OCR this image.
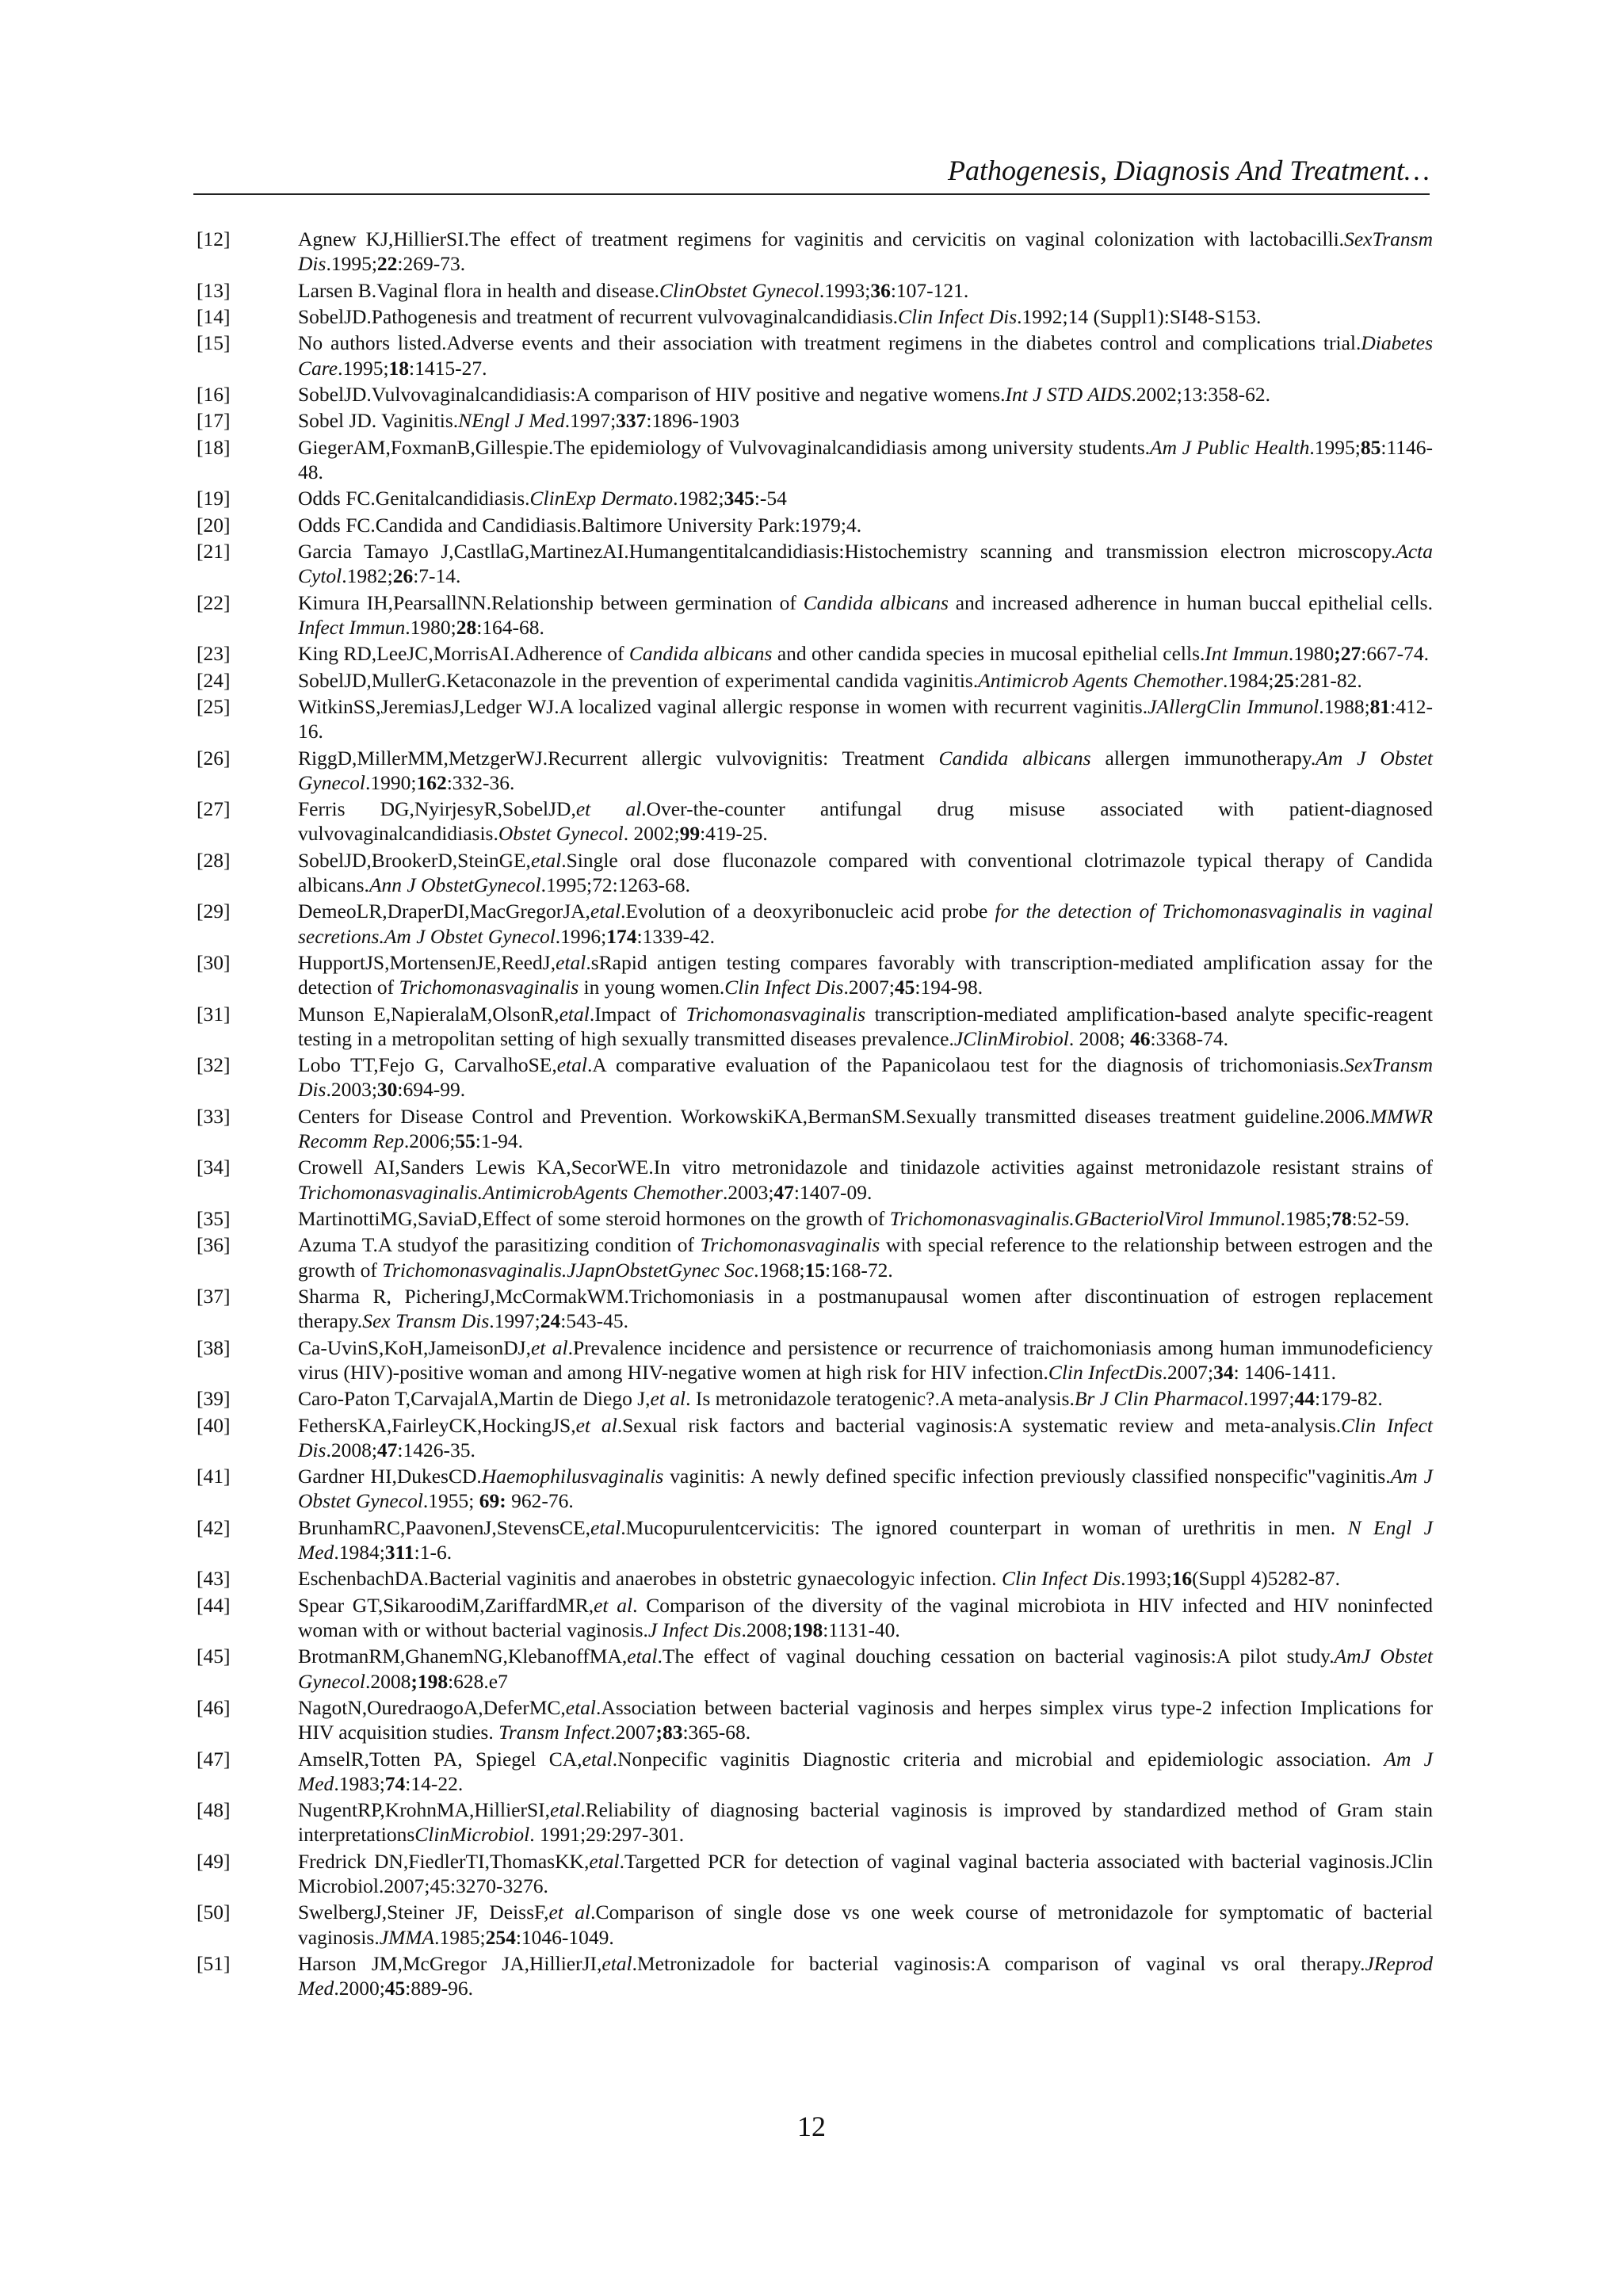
Pathogenesis, Diagnosis And Treatment…
[12]	Agnew KJ,HillierSI.The effect of treatment regimens for vaginitis and cervicitis on vaginal colonization with lactobacilli.SexTransm Dis.1995;22:269-73.
[13]	Larsen B.Vaginal flora in health and disease.ClinObstet Gynecol.1993;36:107-121.
[14]	SobelJD.Pathogenesis and treatment of recurrent vulvovaginalcandidiasis.Clin Infect Dis.1992;14 (Suppl1):SI48-S153.
[15]	No authors listed.Adverse events and their association with treatment regimens in the diabetes control and complications trial.Diabetes Care.1995;18:1415-27.
[16]	SobelJD.Vulvovaginalcandidiasis:A comparison of HIV positive and negative womens.Int J STD AIDS.2002;13:358-62.
[17]	Sobel JD. Vaginitis.NEngl J Med.1997;337:1896-1903
[18]	GiegerAM,FoxmanB,Gillespie.The epidemiology of Vulvovaginalcandidiasis among university students.Am J Public Health.1995;85:1146-48.
[19]	Odds FC.Genitalcandidiasis.ClinExp Dermato.1982;345:-54
[20]	Odds FC.Candida and Candidiasis.Baltimore University Park:1979;4.
[21]	Garcia Tamayo J,CastllaG,MartinezAI.Humangentitalcandidiasis:Histochemistry scanning and transmission electron microscopy.Acta Cytol.1982;26:7-14.
[22]	Kimura IH,PearsallNN.Relationship between germination of Candida albicans and increased adherence in human buccal epithelial cells. Infect Immun.1980;28:164-68.
[23]	King RD,LeeJC,MorrisAI.Adherence of Candida albicans and other candida species in mucosal epithelial cells.Int Immun.1980;27:667-74.
[24]	SobelJD,MullerG.Ketaconazole in the prevention of experimental candida vaginitis.Antimicrob Agents Chemother.1984;25:281-82.
[25]	WitkinSS,JeremiasJ,Ledger WJ.A localized vaginal allergic response in women with recurrent vaginitis.JAllergClin Immunol.1988;81:412-16.
[26]	RiggD,MillerMM,MetzgerWJ.Recurrent allergic vulvovignitis: Treatment Candida albicans allergen immunotherapy.Am J Obstet Gynecol.1990;162:332-36.
[27]	Ferris DG,NyirjesyR,SobelJD,et al.Over-the-counter antifungal drug misuse associated with patient-diagnosed vulvovaginalcandidiasis.Obstet Gynecol. 2002;99:419-25.
[28]	SobelJD,BrookerD,SteinGE,etal.Single oral dose fluconazole compared with conventional clotrimazole typical therapy of Candida albicans.Ann J ObstetGynecol.1995;72:1263-68.
[29]	DemeoLR,DraperDI,MacGregorJA,etal.Evolution of a deoxyribonucleic acid probe for the detection of Trichomonasvaginalis in vaginal secretions.Am J Obstet Gynecol.1996;174:1339-42.
[30]	HupportJS,MortensenJE,ReedJ,etal.sRapid antigen testing compares favorably with transcription-mediated amplification assay for the detection of Trichomonasvaginalis in young women.Clin Infect Dis.2007;45:194-98.
[31]	Munson E,NapieralaM,OlsonR,etal.Impact of Trichomonasvaginalis transcription-mediated amplification-based analyte specific-reagent testing in a metropolitan setting of high sexually transmitted diseases prevalence.JClinMirobiol. 2008; 46:3368-74.
[32]	Lobo TT,Fejo G, CarvalhoSE,etal.A comparative evaluation of the Papanicolaou test for the diagnosis of trichomoniasis.SexTransm Dis.2003;30:694-99.
[33]	Centers for Disease Control and Prevention. WorkowskiKA,BermanSM.Sexually transmitted diseases treatment guideline.2006.MMWR Recomm Rep.2006;55:1-94.
[34]	Crowell AI,Sanders Lewis KA,SecorWE.In vitro metronidazole and tinidazole activities against metronidazole resistant strains of Trichomonasvaginalis.AntimicrobAgents Chemother.2003;47:1407-09.
[35]	MartinottiMG,SaviaD,Effect of some steroid hormones on the growth of Trichomonasvaginalis.GBacteriolVirol Immunol.1985;78:52-59.
[36]	Azuma T.A studyof the parasitizing condition of Trichomonasvaginalis with special reference to the relationship between estrogen and the growth of Trichomonasvaginalis.JJapnObstetGynec Soc.1968;15:168-72.
[37]	Sharma R, PicheringJ,McCormakWM.Trichomoniasis in a postmanupausal women after discontinuation of estrogen replacement therapy.Sex Transm Dis.1997;24:543-45.
[38]	Ca-UvinS,KoH,JameisonDJ,et al.Prevalence incidence and persistence or recurrence of traichomoniasis among human immunodeficiency virus (HIV)-positive woman and among HIV-negative women at high risk for HIV infection.Clin InfectDis.2007;34: 1406-1411.
[39]	Caro-Paton T,CarvajalA,Martin de Diego J,et al. Is metronidazole teratogenic?.A meta-analysis.Br J Clin Pharmacol.1997;44:179-82.
[40]	FethersKA,FairleyCK,HockingJS,et al.Sexual risk factors and bacterial vaginosis:A systematic review and meta-analysis.Clin Infect Dis.2008;47:1426-35.
[41]	Gardner HI,DukesCD.Haemophilusvaginalis vaginitis: A newly defined specific infection previously classified nonspecific"vaginitis.Am J Obstet Gynecol.1955; 69: 962-76.
[42]	BrunhamRC,PaavonenJ,StevensCE,etal.Mucopurulentcervicitis: The ignored counterpart in woman of urethritis in men. N Engl J Med.1984;311:1-6.
[43]	EschenbachDA.Bacterial vaginitis and anaerobes in obstetric gynaecologyic infection. Clin Infect Dis.1993;16(Suppl 4)5282-87.
[44]	Spear GT,SikaroodiM,ZariffardMR,et al. Comparison of the diversity of the vaginal microbiota in HIV infected and HIV noninfected woman with or without bacterial vaginosis.J Infect Dis.2008;198:1131-40.
[45]	BrotmanRM,GhanemNG,KlebanoffMA,etal.The effect of vaginal douching cessation on bacterial vaginosis:A pilot study.AmJ Obstet Gynecol.2008;198:628.e7
[46]	NagotN,OuredraogoA,DeferMC,etal.Association between bacterial vaginosis and herpes simplex virus type-2 infection Implications for HIV acquisition studies. Transm Infect.2007;83:365-68.
[47]	AmselR,Totten PA, Spiegel CA,etal.Nonpecific vaginitis Diagnostic criteria and microbial and epidemiologic association. Am J Med.1983;74:14-22.
[48]	NugentRP,KrohnMA,HillierSI,etal.Reliability of diagnosing bacterial vaginosis is improved by standardized method of Gram stain interpretationsClinMicrobiol. 1991;29:297-301.
[49]	Fredrick DN,FiedlerTI,ThomasKK,etal.Targetted PCR for detection of vaginal vaginal bacteria associated with bacterial vaginosis.JClin Microbiol.2007;45:3270-3276.
[50]	SwelbergJ,Steiner JF, DeissF,et al.Comparison of single dose vs one week course of metronidazole for symptomatic of bacterial vaginosis.JMMA.1985;254:1046-1049.
[51]	Harson JM,McGregor JA,HillierJI,etal.Metronizadole for bacterial vaginosis:A comparison of vaginal vs oral therapy.JReprod Med.2000;45:889-96.
12
